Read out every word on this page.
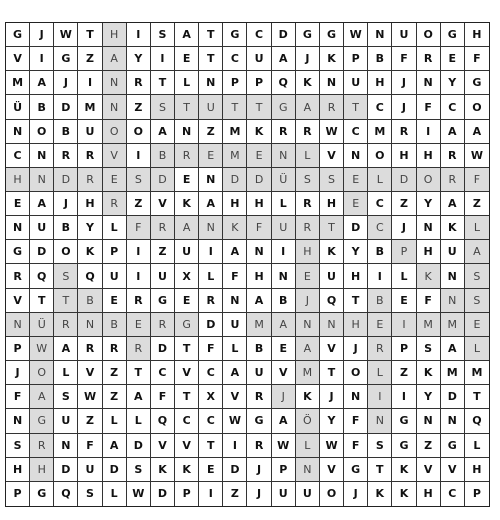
G	J	W	T	H	I	S	A	T	G	C	D	G	G	W	N	U	O	G	H
V	I	G	Z	A	Y	I	E	T	C	U	A	J	K	P	B	F	R	E	F
M	A	J	I	N	R	T	L	N	P	P	Q	K	N	U	H	J	N	Y	G
Ü	B	D	M	N	Z	S	T	U	T	T	G	A	R	T	C	J	F	C	O
N	O	B	U	O	O	A	N	Z	M	K	R	R	W	C	M	R	I	A	A
C	N	R	R	V	I	B	R	E	M	E	N	L	V	N	O	H	H	R	W
H	N	D	R	E	S	D	E	N	D	D	Ü	S	S	E	L	D	O	R	F
E	A	J	H	R	Z	V	K	A	H	H	L	R	H	E	C	Z	Y	A	Z
N	U	B	Y	L	F	R	A	N	K	F	U	R	T	D	C	J	N	K	L
G	D	O	K	P	I	Z	U	I	A	N	I	H	K	Y	B	P	H	U	A
R	Q	S	Q	U	I	U	X	L	F	H	N	E	U	H	I	L	K	N	S
V	T	T	B	E	R	G	E	R	N	A	B	J	Q	T	B	E	F	N	S
N	Ü	R	N	B	E	R	G	D	U	M	A	N	N	H	E	I	M	M	E
P	W	A	R	R	R	D	T	F	L	B	E	A	V	J	R	P	S	A	L
J	O	L	V	Z	T	C	V	C	A	U	V	M	T	O	L	Z	K	M	M
F	A	S	W	Z	A	F	T	X	V	R	J	K	J	N	I	I	Y	D	T
N	G	U	Z	L	L	Q	C	C	W	G	A	Ö	Y	F	N	G	N	N	Q
S	R	N	F	A	D	V	V	T	I	R	W	L	W	F	S	G	Z	G	L
H	H	D	U	D	S	K	K	E	D	J	P	N	V	G	T	K	V	V	H
P	G	Q	S	L	W	D	P	I	Z	J	U	U	O	J	K	K	H	C	P
